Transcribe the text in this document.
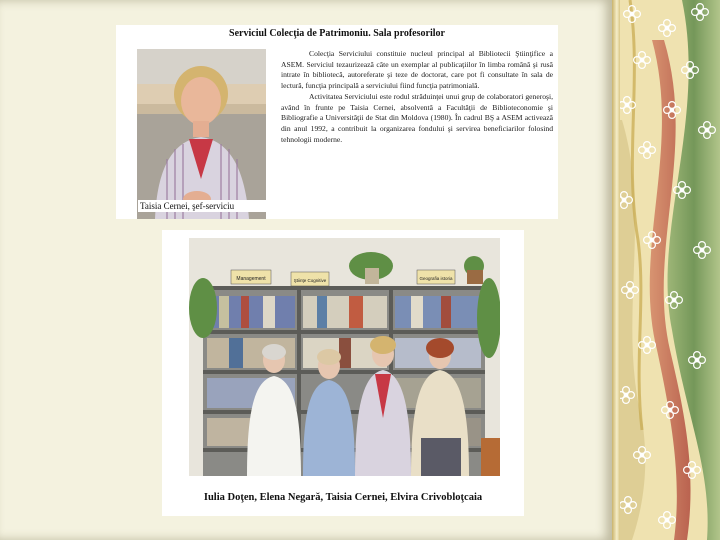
Serviciul Colecţia de Patrimoniu. Sala profesorilor
Taisia Cernei, şef-serviciu

Colecţia Serviciului constituie nucleul principal al Bibliotecii Ştiinţifice a ASEM. Serviciul tezaurizează câte un exemplar al publicaţiilor în limba română şi rusă intrate în bibliotecă, autoreferate şi teze de doctorat, care pot fi consultate în sala de lectură, funcţia principală a serviciului fiind funcţia patrimonială.

Activitatea Serviciului este rodul străduinţei unui grup de colaboratori generoşi, având în frunte pe Taisia Cernei, absolventă a Facultăţii de Biblioteconomie şi Bibliografie a Universităţii de Stat din Moldova (1980). În cadrul BŞ a ASEM activează din anul 1992, a contribuit la organizarea fondului şi servirea beneficiarilor folosind tehnologii moderne.

Management	Ştiinţe Cognitive	Geografia istoria
Iulia Doţen, Elena Negară, Taisia Cernei, Elvira Crivobloţcaia
